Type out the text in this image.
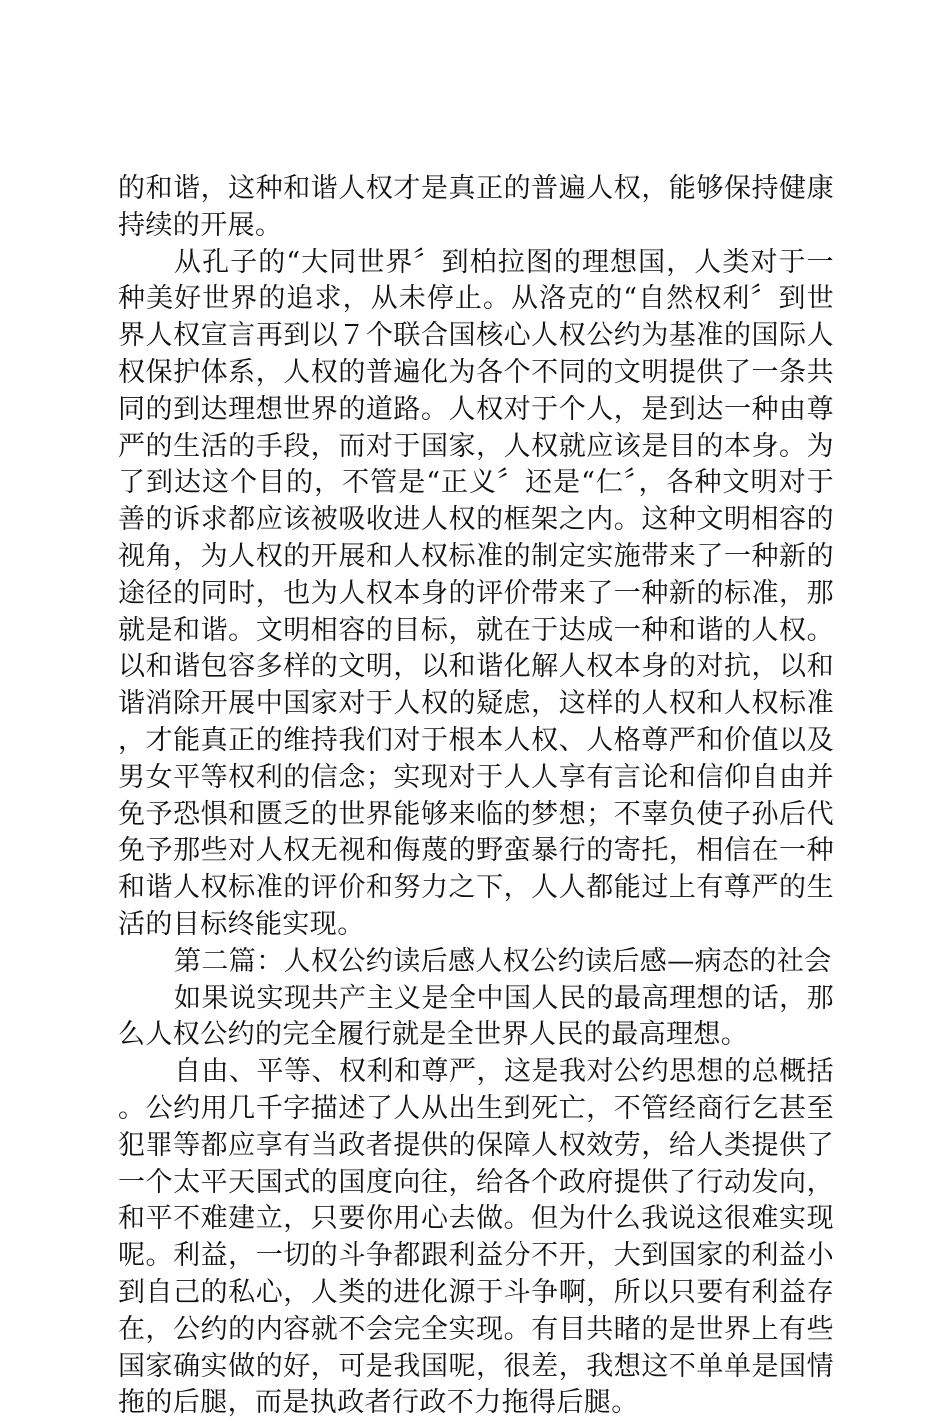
的和谐，这种和谐人权才是真正的普遍人权，能够保持健康持续的开展。

从孔子的“大同世界〞到柏拉图的理想国，人类对于一种美好世界的追求，从未停止。从洛克的“自然权利〞到世界人权宣言再到以７个联合国核心人权公约为基准的国际人权保护体系，人权的普遍化为各个不同的文明提供了一条共同的到达理想世界的道路。人权对于个人，是到达一种由尊严的生活的手段，而对于国家，人权就应该是目的本身。为了到达这个目的，不管是“正义〞还是“仁〞，各种文明对于善的诉求都应该被吸收进人权的框架之内。这种文明相容的视角，为人权的开展和人权标准的制定实施带来了一种新的途径的同时，也为人权本身的评价带来了一种新的标准，那就是和谐。文明相容的目标，就在于达成一种和谐的人权。以和谐包容多样的文明，以和谐化解人权本身的对抗，以和谐消除开展中国家对于人权的疑虑，这样的人权和人权标准，才能真正的维持我们对于根本人权、人格尊严和价值以及男女平等权利的信念；实现对于人人享有言论和信仰自由并免予恐惧和匮乏的世界能够来临的梦想；不辜负使子孙后代免予那些对人权无视和侮蔑的野蛮暴行的寄托，相信在一种和谐人权标准的评价和努力之下，人人都能过上有尊严的生活的目标终能实现。

第二篇：人权公约读后感人权公约读后感—病态的社会

如果说实现共产主义是全中国人民的最高理想的话，那么人权公约的完全履行就是全世界人民的最高理想。

自由、平等、权利和尊严，这是我对公约思想的总概括。公约用几千字描述了人从出生到死亡，不管经商行乞甚至犯罪等都应享有当政者提供的保障人权效劳，给人类提供了一个太平天国式的国度向往，给各个政府提供了行动发向，和平不难建立，只要你用心去做。但为什么我说这很难实现呢。利益，一切的斗争都跟利益分不开，大到国家的利益小到自己的私心，人类的进化源于斗争啊，所以只要有利益存在，公约的内容就不会完全实现。有目共睹的是世界上有些国家确实做的好，可是我国呢，很差，我想这不单单是国情拖的后腿，而是执政者行政不力拖得后腿。
